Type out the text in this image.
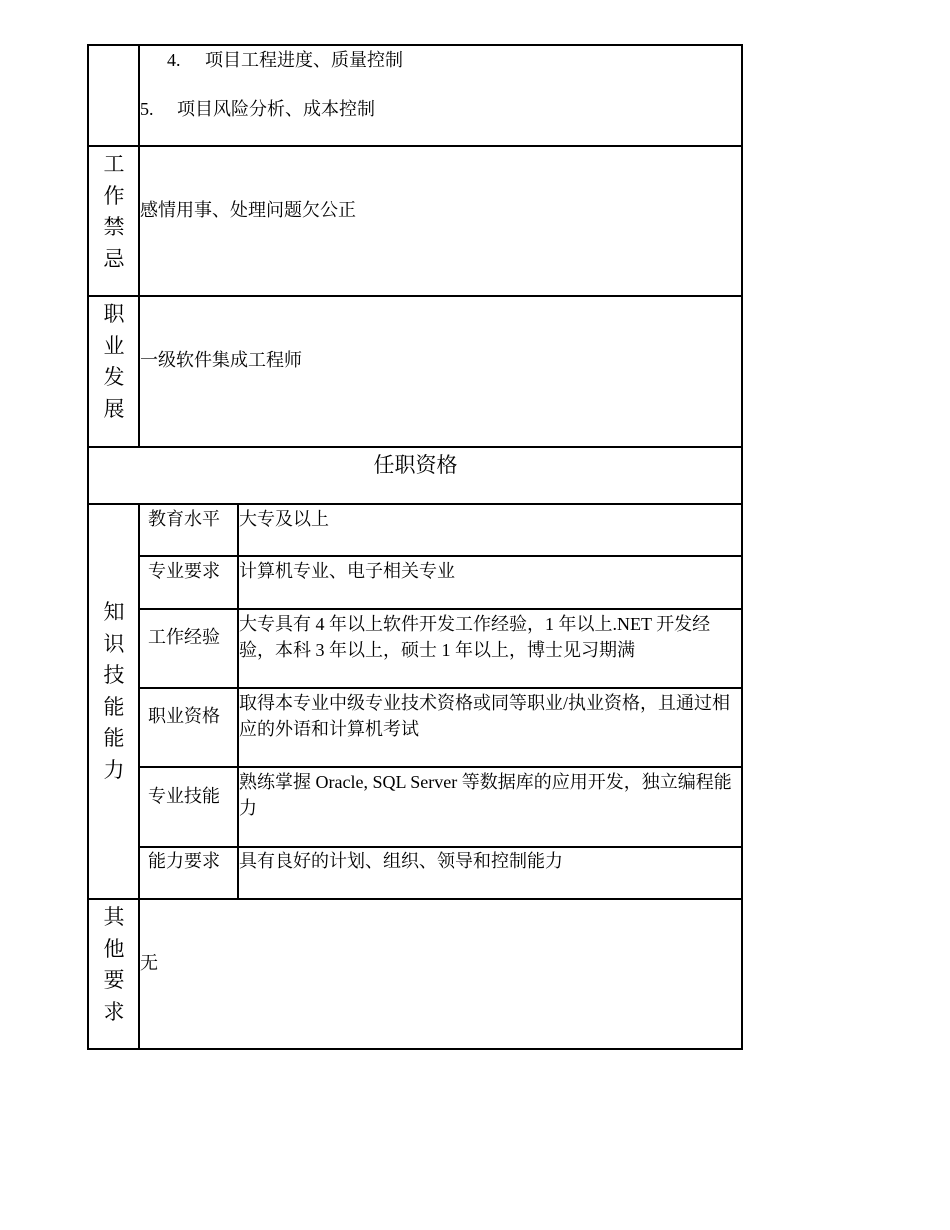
4. 项目工程进度、质量控制
5. 项目风险分析、成本控制
工
作
禁
忌
感情用事、处理问题欠公正
职
业
发
展
一级软件集成工程师
任职资格
知
识
技
能
能
力
教育水平 大专及以上
专业要求 计算机专业、电子相关专业
工作经验
大专具有 4 年以上软件开发工作经验，1 年以上.NET 开发经验，本科 3 年以上，硕士 1 年以上，博士见习期满
职业资格
取得本专业中级专业技术资格或同等职业/执业资格，且通过相应的外语和计算机考试
专业技能
熟练掌握 Oracle, SQL Server 等数据库的应用开发，独立编程能力
能力要求 具有良好的计划、组织、领导和控制能力
其
他
要
求
无
